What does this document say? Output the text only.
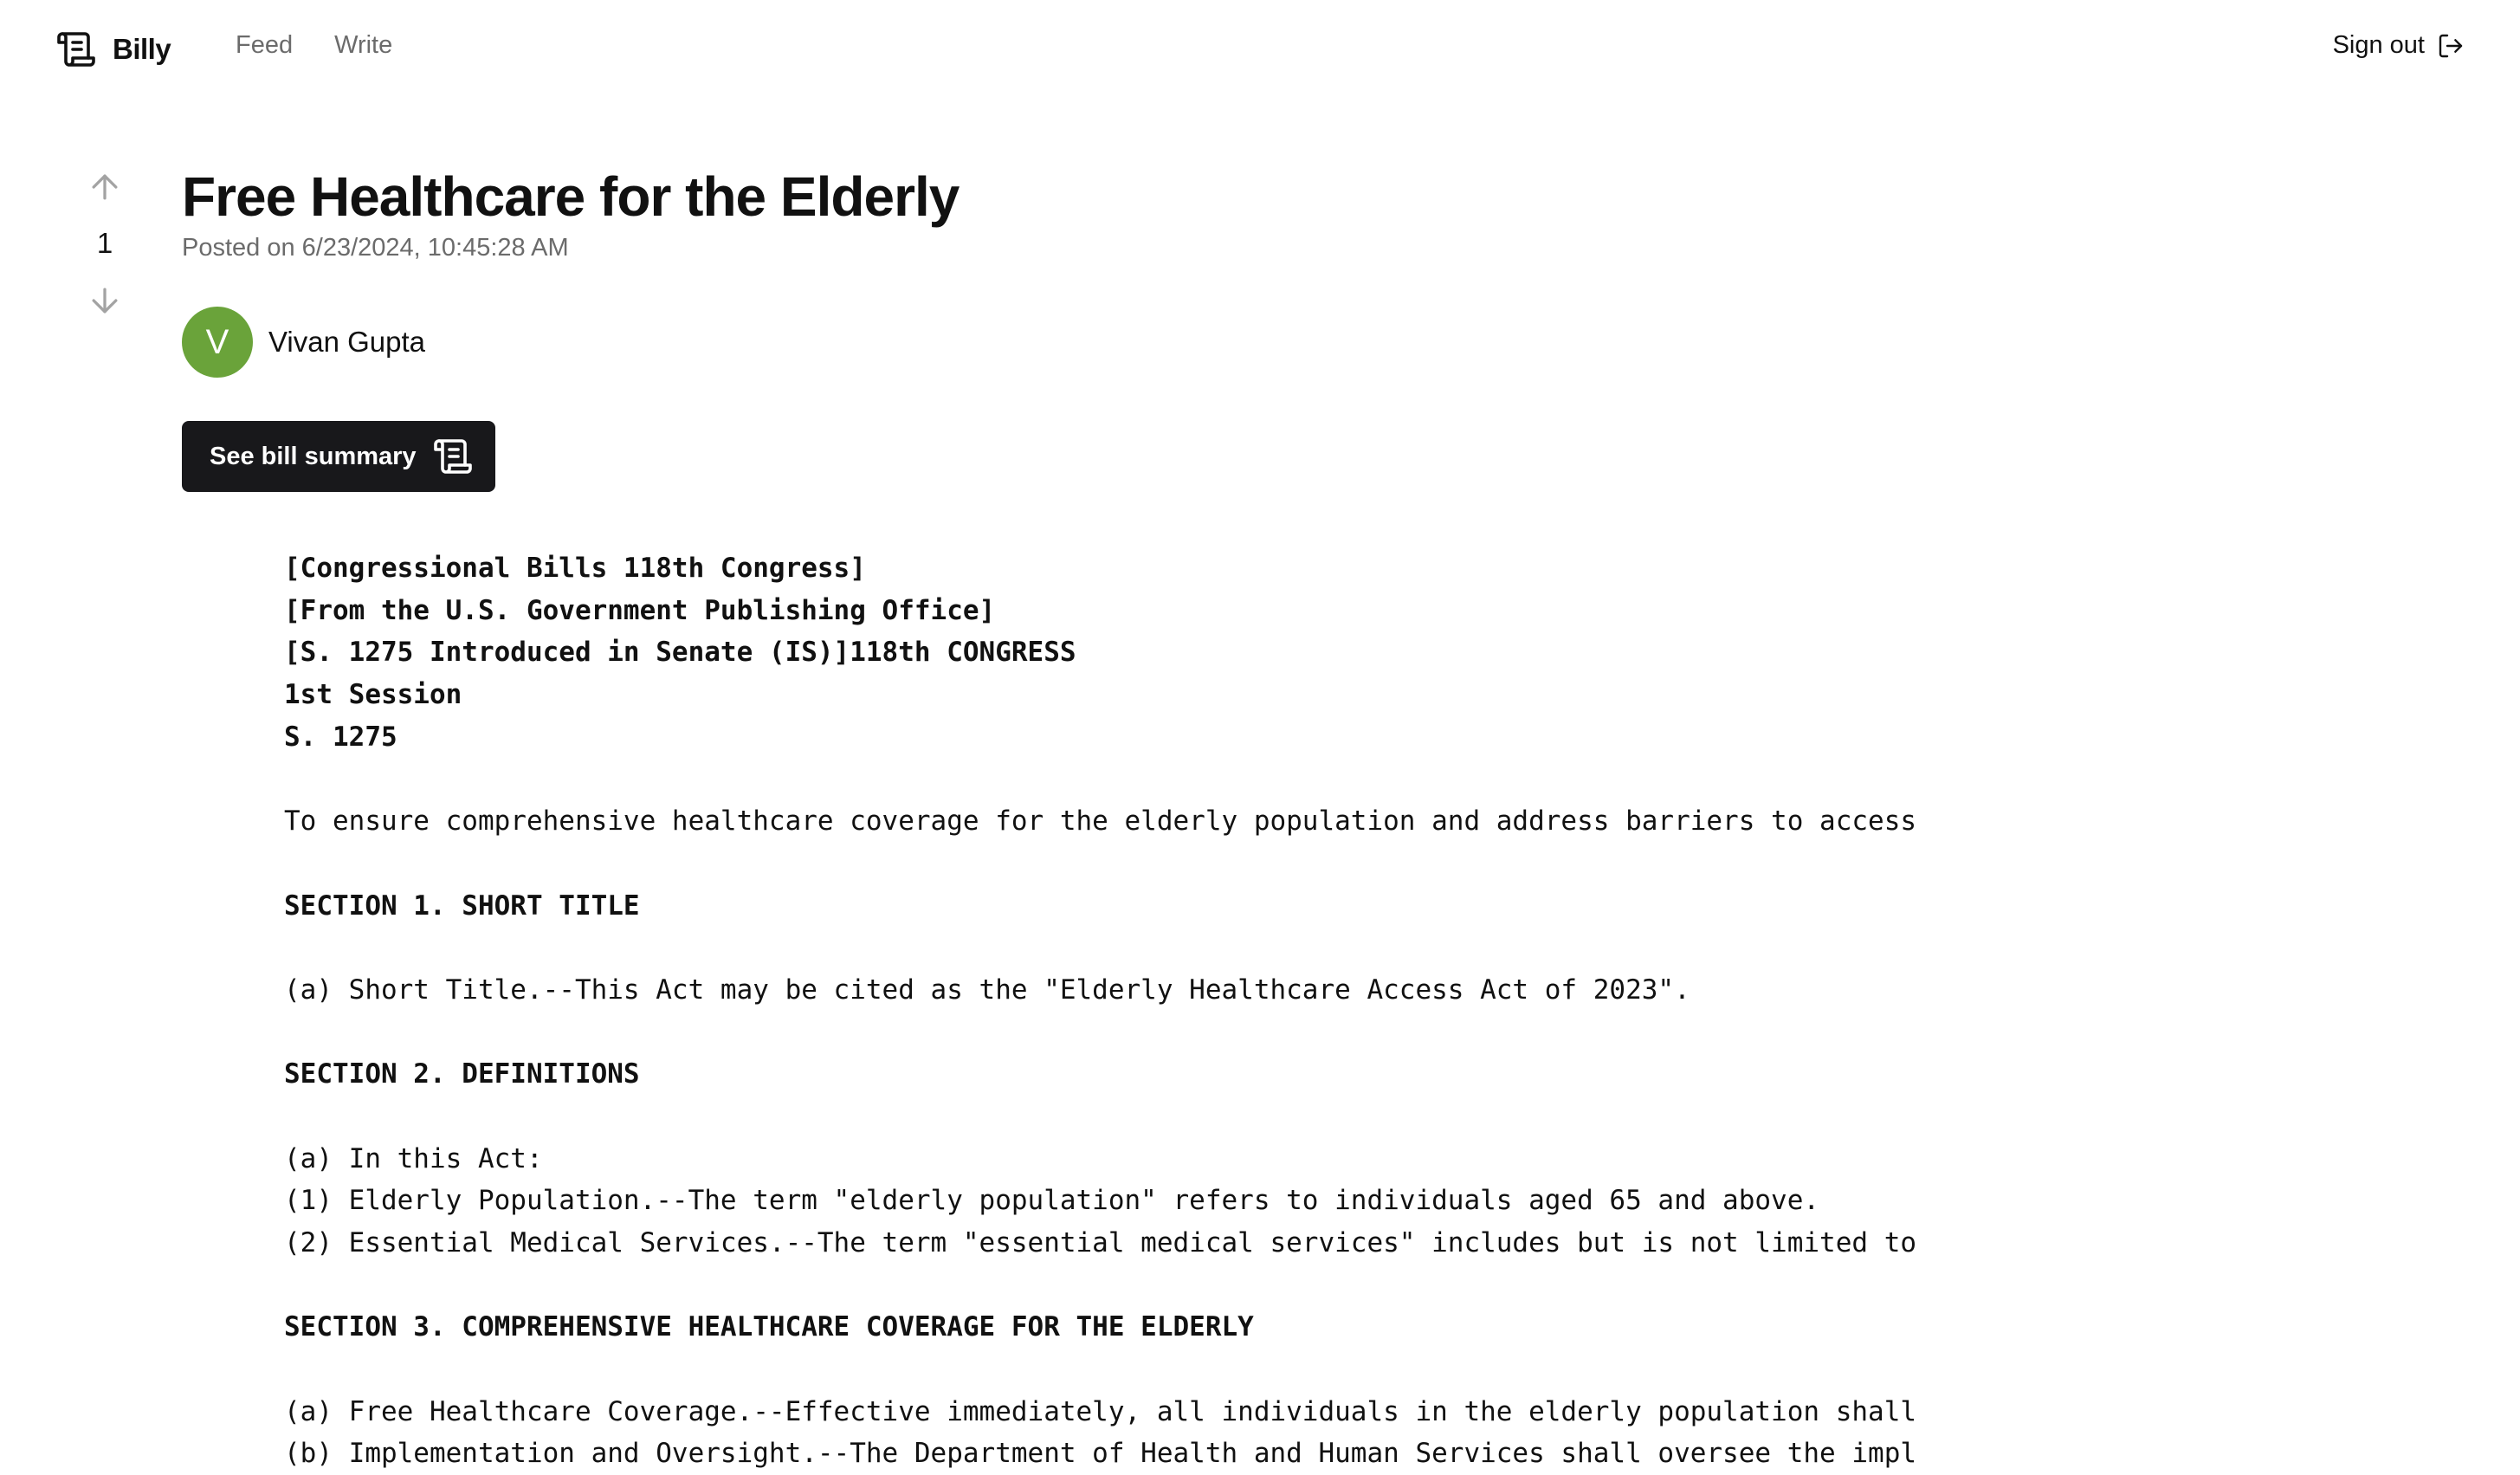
Billy	Feed Write	Sign out
1
Free Healthcare for the Elderly
Posted on 6/23/2024, 10:45:28 AM
V	Vivan Gupta
See bill summary
[Congressional Bills 118th Congress]
[From the U.S. Government Publishing Office]
[S. 1275 Introduced in Senate (IS)]118th CONGRESS
1st Session
S. 1275
To ensure comprehensive healthcare coverage for the elderly population and address barriers to access
SECTION 1. SHORT TITLE
(a) Short Title.--This Act may be cited as the "Elderly Healthcare Access Act of 2023".
SECTION 2. DEFINITIONS
(a) In this Act:
(1) Elderly Population.--The term "elderly population" refers to individuals aged 65 and above.
(2) Essential Medical Services.--The term "essential medical services" includes but is not limited to
SECTION 3. COMPREHENSIVE HEALTHCARE COVERAGE FOR THE ELDERLY
(a) Free Healthcare Coverage.--Effective immediately, all individuals in the elderly population shall
(b) Implementation and Oversight.--The Department of Health and Human Services shall oversee the impl
